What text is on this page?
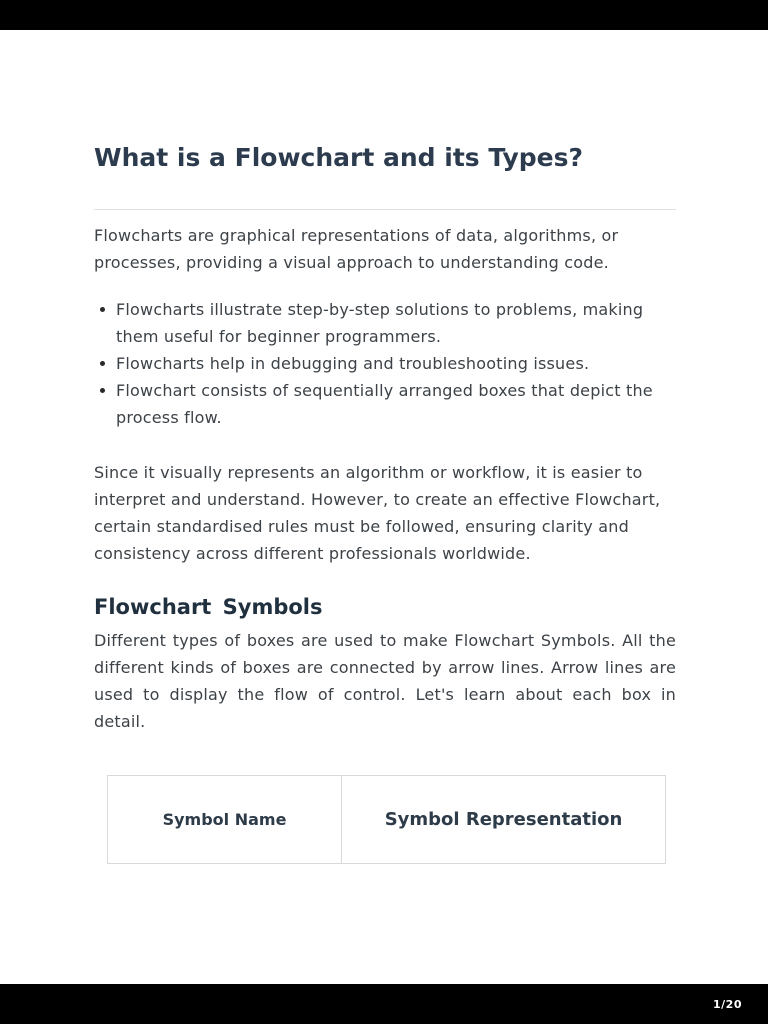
What is a Flowchart and its Types?

Flowcharts are graphical representations of data, algorithms, or processes, providing a visual approach to understanding code.

Flowcharts illustrate step-by-step solutions to problems, making them useful for beginner programmers.
Flowcharts help in debugging and troubleshooting issues.
Flowchart consists of sequentially arranged boxes that depict the process flow.

Since it visually represents an algorithm or workflow, it is easier to interpret and understand. However, to create an effective Flowchart, certain standardised rules must be followed, ensuring clarity and consistency across different professionals worldwide.

Flowchart Symbols

Different types of boxes are used to make Flowchart Symbols. All the different kinds of boxes are connected by arrow lines. Arrow lines are used to display the flow of control. Let's learn about each box in detail.

Symbol Name	Symbol Representation
1/20
